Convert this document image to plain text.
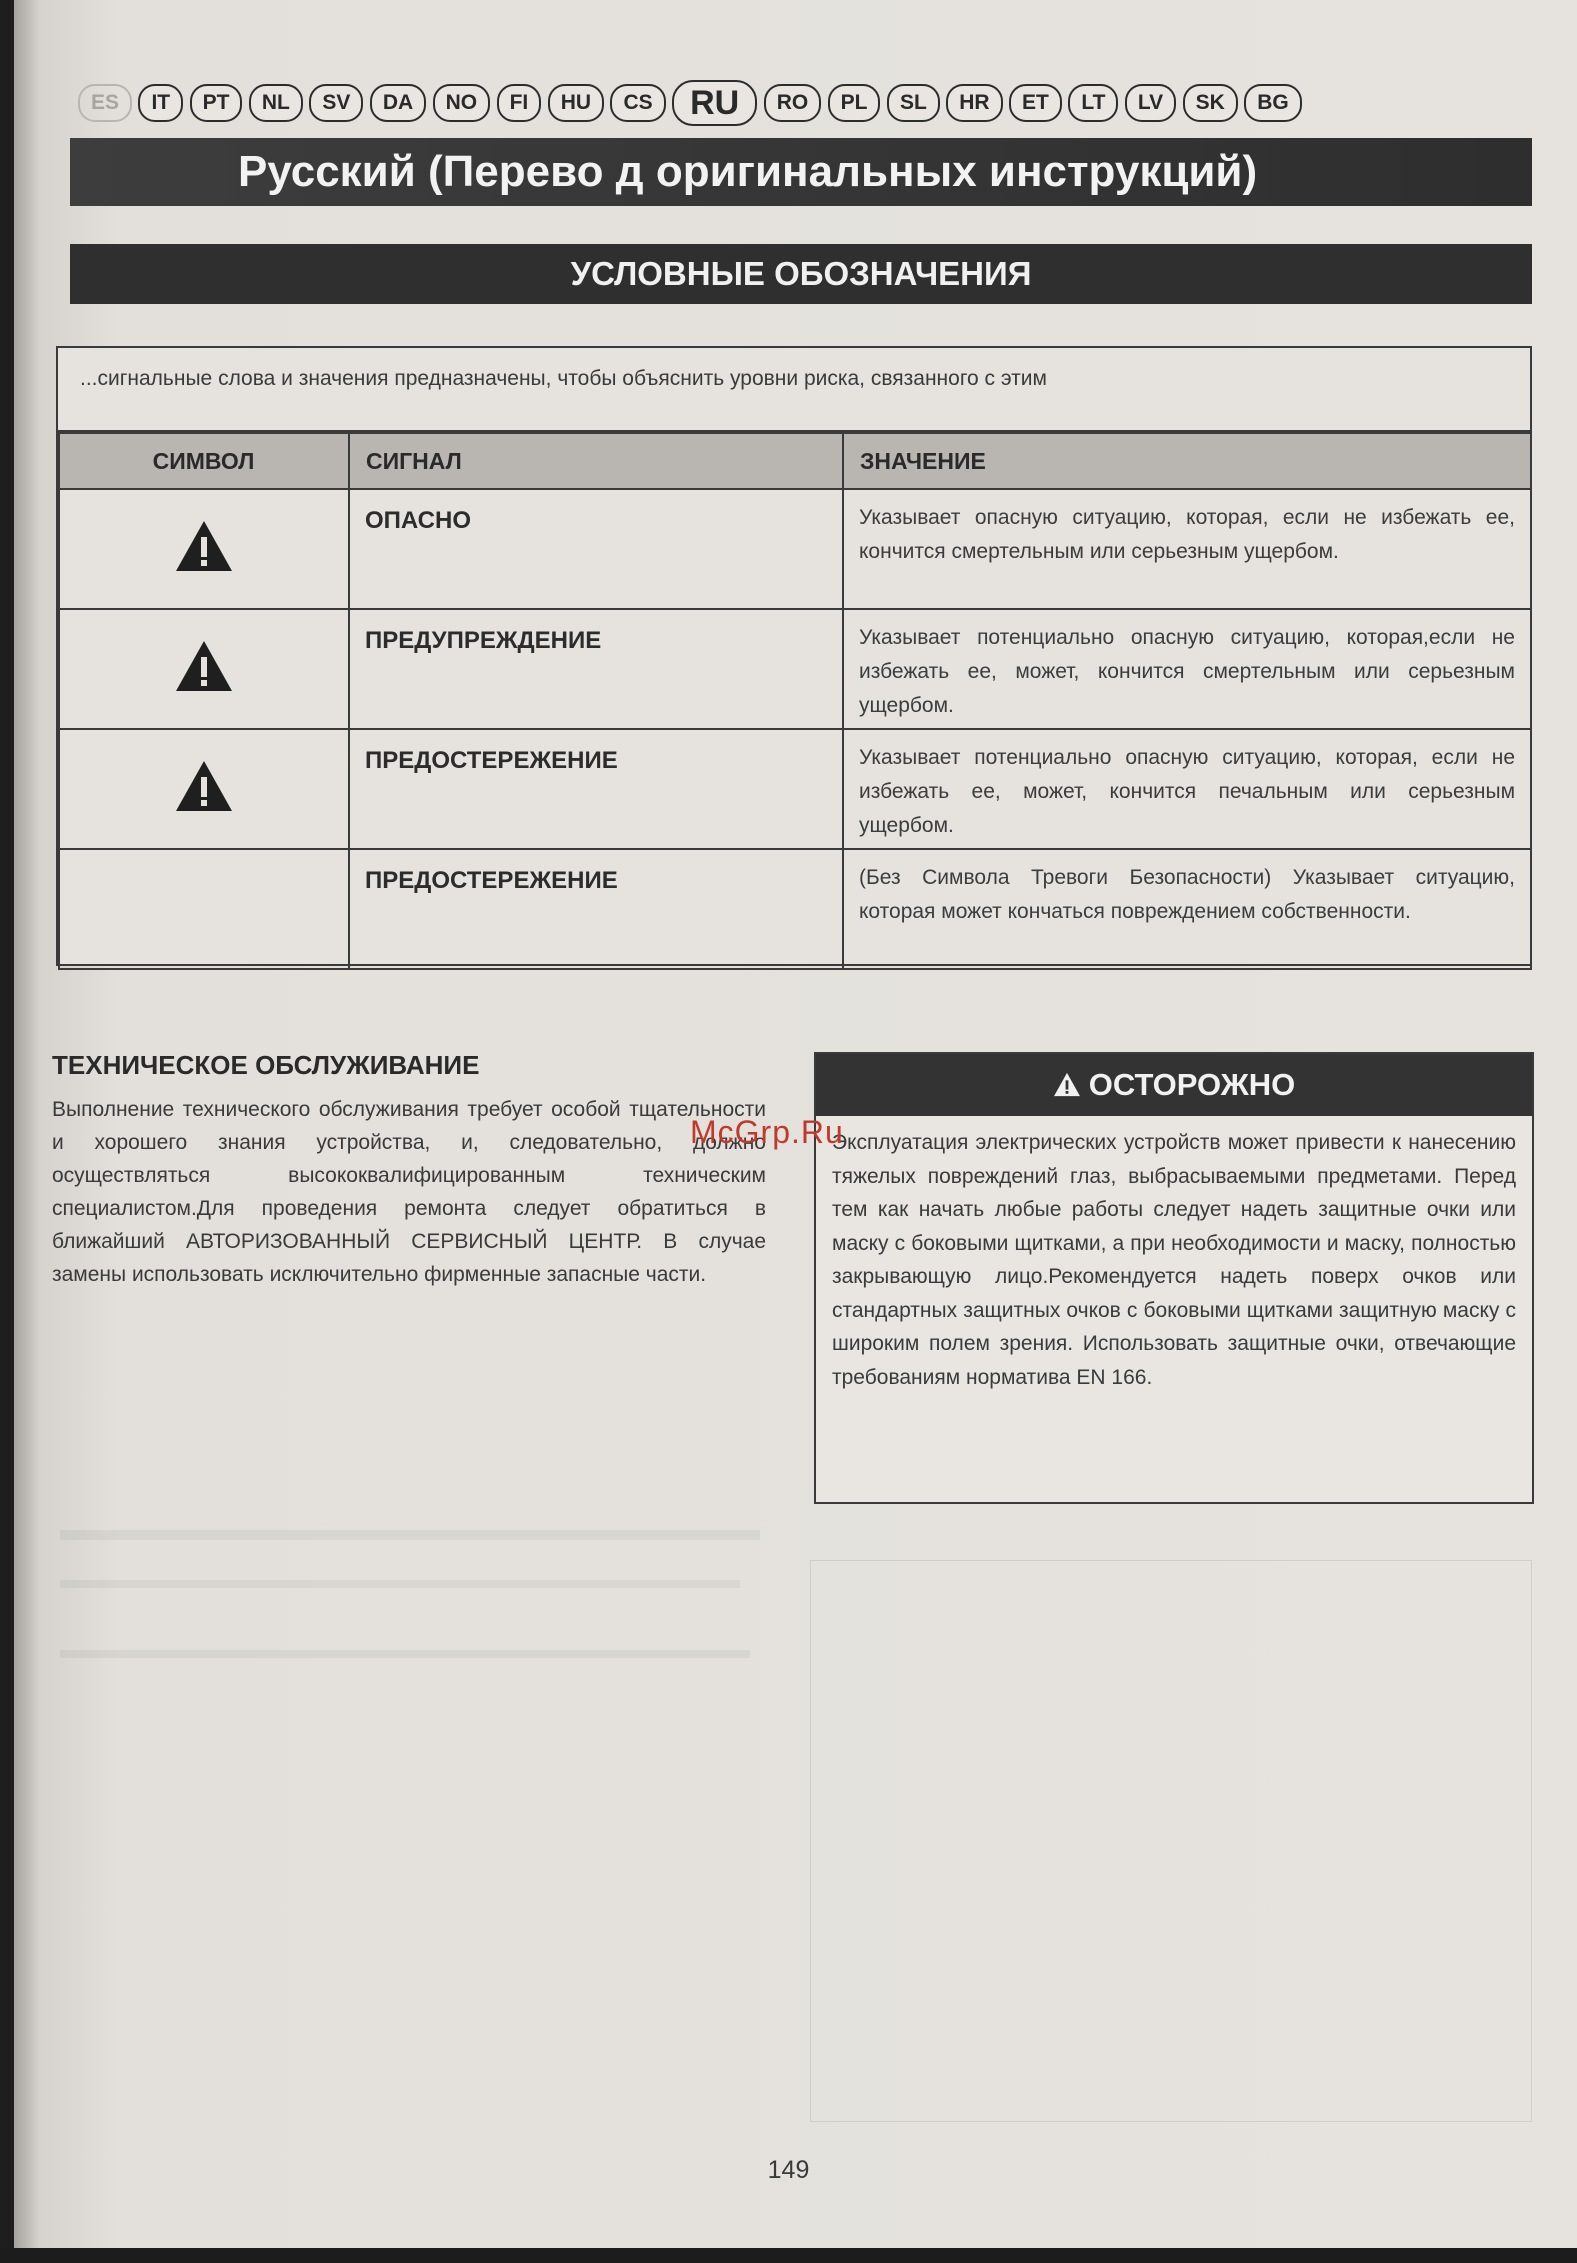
ES IT PT NL SV DA NO FI HU CS RU RO PL SL HR ET LT LV SK BG
Русский (Перево д оригинальных инструкций)
УСЛОВНЫЕ ОБОЗНАЧЕНИЯ
...сигнальные слова и значения предназначены, чтобы объяснить уровни риска, связанного с этим
СИМВОЛ	СИГНАЛ	ЗНАЧЕНИЕ

ОПАСНО	Указывает опасную ситуацию, которая, если не избежать ее, кончится смертельным или серьезным ущербом.

ПРЕДУПРЕЖДЕНИЕ	Указывает потенциально опасную ситуацию, которая,если не избежать ее, может, кончится смертельным или серьезным ущербом.

ПРЕДОСТЕРЕЖЕНИЕ	Указывает потенциально опасную ситуацию, которая, если не избежать ее, может, кончится печальным или серьезным ущербом.

	ПРЕДОСТЕРЕЖЕНИЕ	(Без Символа Тревоги Безопасности) Указывает ситуацию, которая может кончаться повреждением собственности.
ТЕХНИЧЕСКОЕ ОБСЛУЖИВАНИЕ

Выполнение технического обслуживания требует особой тщательности и хорошего знания устройства, и, следовательно, должно осуществляться высококвалифицированным техническим специалистом.Для проведения ремонта следует обратиться в ближайший АВТОРИЗОВАННЫЙ СЕРВИСНЫЙ ЦЕНТР. В случае замены использовать исключительно фирменные запасные части.

ОСТОРОЖНО
Эксплуатация электрических устройств может привести к нанесению тяжелых повреждений глаз, выбрасываемыми предметами. Перед тем как начать любые работы следует надеть защитные очки или маску с боковыми щитками, а при необходимости и маску, полностью закрывающую лицо.Рекомендуется надеть поверх очков или стандартных защитных очков с боковыми щитками защитную маску с широким полем зрения. Использовать защитные очки, отвечающие требованиям норматива EN 166.
McGrp.Ru
149
